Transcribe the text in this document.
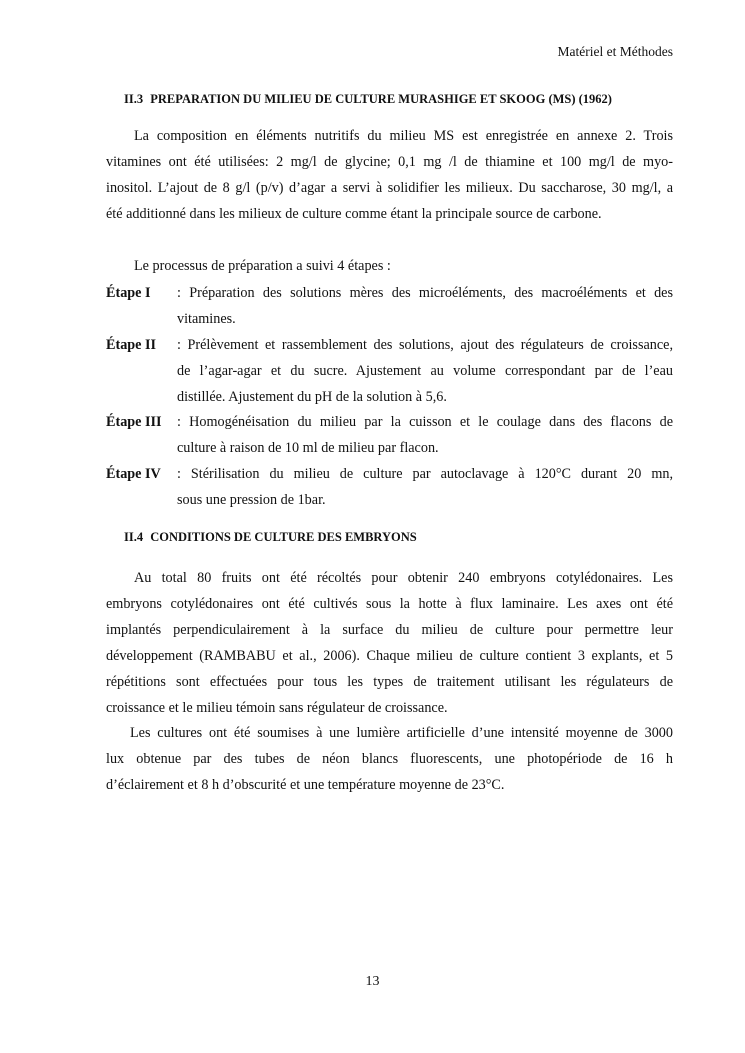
Matériel et Méthodes
II.3 PREPARATION DU MILIEU DE CULTURE MURASHIGE ET SKOOG (MS) (1962)
La composition en éléments nutritifs du milieu MS est enregistrée en annexe 2. Trois
vitamines ont été utilisées: 2 mg/l de glycine; 0,1 mg /l de thiamine et 100 mg/l de myo-
inositol. L’ajout de 8 g/l (p/v) d’agar a servi à solidifier les milieux. Du saccharose, 30 mg/l, a
été additionné dans les milieux de culture comme étant la principale source de carbone.
Le processus de préparation a suivi 4 étapes :
Étape I : Préparation des solutions mères des microéléments, des macroéléments et des
vitamines.
Étape II : Prélèvement et rassemblement des solutions, ajout des régulateurs de croissance,
de l’agar-agar et du sucre. Ajustement au volume correspondant par de l’eau
distillée. Ajustement du pH de la solution à 5,6.
Étape III : Homogénéisation du milieu par la cuisson et le coulage dans des flacons de
culture à raison de 10 ml de milieu par flacon.
Étape IV : Stérilisation du milieu de culture par autoclavage à 120°C durant 20 mn,
sous une pression de 1bar.
II.4 CONDITIONS DE CULTURE DES EMBRYONS
Au total 80 fruits ont été récoltés pour obtenir 240 embryons cotylédonaires. Les
embryons cotylédonaires ont été cultivés sous la hotte à flux laminaire. Les axes ont été
implantés perpendiculairement à la surface du milieu de culture pour permettre leur
développement (RAMBABU et al., 2006). Chaque milieu de culture contient 3 explants, et 5
répétitions sont effectuées pour tous les types de traitement utilisant les régulateurs de
croissance et le milieu témoin sans régulateur de croissance.
Les cultures ont été soumises à une lumière artificielle d’une intensité moyenne de 3000
lux obtenue par des tubes de néon blancs fluorescents, une photopériode de 16 h
d’éclairement et 8 h d’obscurité et une température moyenne de 23°C.
13
